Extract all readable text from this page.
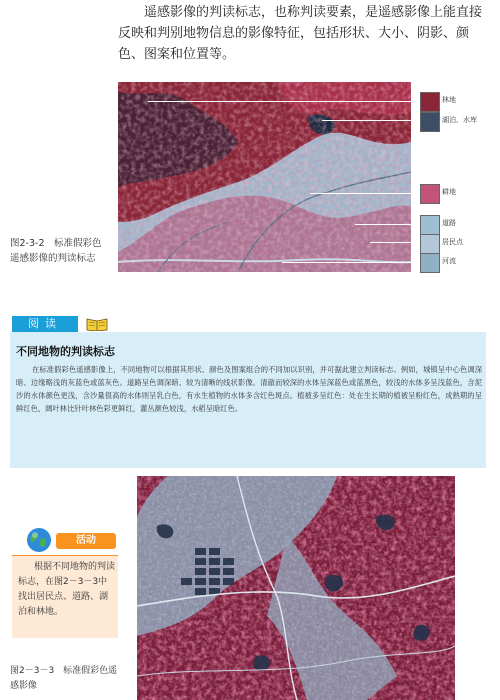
遥感影像的判读标志，也称判读要素，是遥感影像上能直接反映和判别地物信息的影像特征，包括形状、大小、阴影、颜色、图案和位置等。
林地
湖泊、水库
耕地
道路
居民点
河流
图2-3-2　标准假彩色遥感影像的判读标志
阅读
不同地物的判读标志
在标准假彩色遥感影像上，不同地物可以根据其形状、颜色及图案组合的不同加以识别，并可据此建立判读标志。例如，城镇呈中心色调深暗、边缘略浅的灰蓝色或蓝灰色。道路呈色调深暗、较为清晰的线状影像。清澈而较深的水体呈深蓝色或蓝黑色，较浅的水体多呈浅蓝色，含泥沙的水体颜色更浅，含沙量很高的水体则呈乳白色，有水生植物的水体多含红色斑点。植被多呈红色：处在生长期的植被呈粉红色，成熟期的呈鲜红色，阔叶林比针叶林色彩更鲜红，灌丛颜色较浅，水稻呈暗红色。
活动
根据不同地物的判读标志，在图2－3－3中找出居民点、道路、湖泊和林地。
图2－3－3　标准假彩色遥感影像
